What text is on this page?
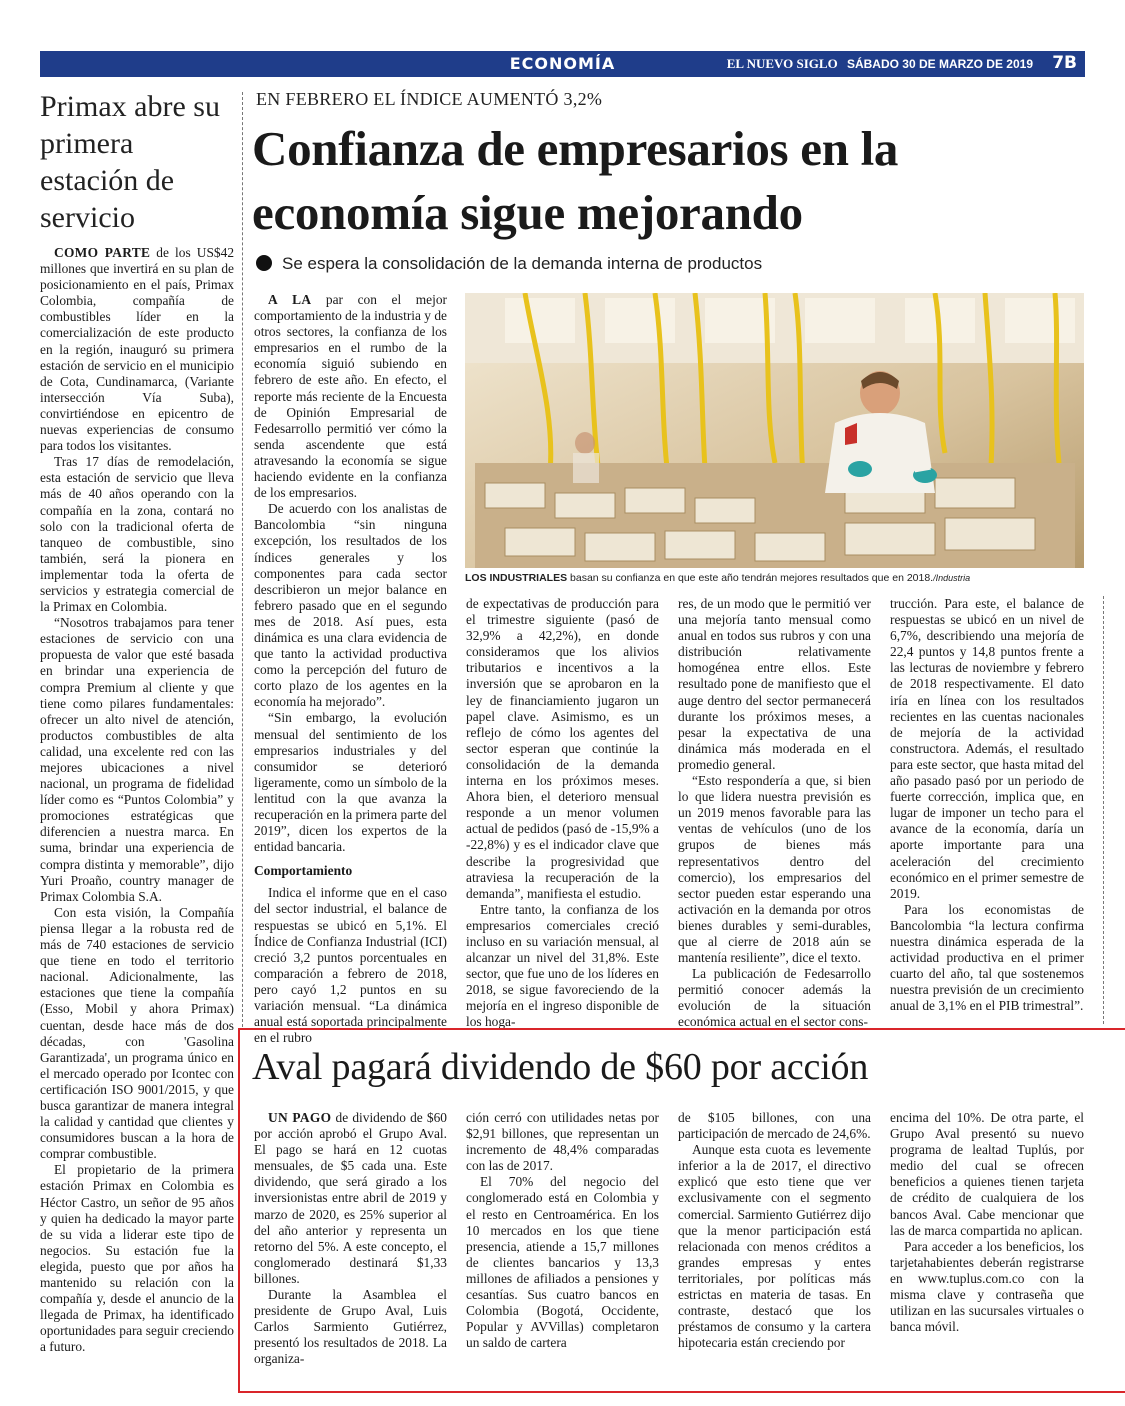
ECONOMÍA	EL NUEVO SIGLO SÁBADO 30 DE MARZO DE 2019 7B
Primax abre su primera estación de servicio

COMO PARTE de los US$42 millones que invertirá en su plan de posicionamiento en el país, Primax Colombia, compañía de combustibles líder en la comercialización de este producto en la región, inauguró su primera estación de servicio en el municipio de Cota, Cundinamarca, (Variante intersección Vía Suba), convirtiéndose en epicentro de nuevas experiencias de consumo para todos los visitantes.

Tras 17 días de remodelación, esta estación de servicio que lleva más de 40 años operando con la compañía en la zona, contará no solo con la tradicional oferta de tanqueo de combustible, sino también, será la pionera en implementar toda la oferta de servicios y estrategia comercial de la Primax en Colombia.

“Nosotros trabajamos para tener estaciones de servicio con una propuesta de valor que esté basada en brindar una experiencia de compra Premium al cliente y que tiene como pilares fundamentales: ofrecer un alto nivel de atención, productos combustibles de alta calidad, una excelente red con las mejores ubicaciones a nivel nacional, un programa de fidelidad líder como es “Puntos Colombia” y promociones estratégicas que diferencien a nuestra marca. En suma, brindar una experiencia de compra distinta y memorable”, dijo Yuri Proaño, country manager de Primax Colombia S.A.

Con esta visión, la Compañía piensa llegar a la robusta red de más de 740 estaciones de servicio que tiene en todo el territorio nacional. Adicionalmente, las estaciones que tiene la compañía (Esso, Mobil y ahora Primax) cuentan, desde hace más de dos décadas, con 'Gasolina Garantizada', un programa único en el mercado operado por Icontec con certificación ISO 9001/2015, y que busca garantizar de manera integral la calidad y cantidad que clientes y consumidores buscan a la hora de comprar combustible.

El propietario de la primera estación Primax en Colombia es Héctor Castro, un señor de 95 años y quien ha dedicado la mayor parte de su vida a liderar este tipo de negocios. Su estación fue la elegida, puesto que por años ha mantenido su relación con la compañía y, desde el anuncio de la llegada de Primax, ha identificado oportunidades para seguir creciendo a futuro.

EN FEBRERO EL ÍNDICE AUMENTÓ 3,2%
Confianza de empresarios en la economía sigue mejorando
Se espera la consolidación de la demanda interna de productos
LOS INDUSTRIALES basan su confianza en que este año tendrán mejores resultados que en 2018./Industria

A LA par con el mejor comportamiento de la industria y de otros sectores, la confianza de los empresarios en el rumbo de la economía siguió subiendo en febrero de este año. En efecto, el reporte más reciente de la Encuesta de Opinión Empresarial de Fedesarrollo permitió ver cómo la senda ascendente que está atravesando la economía se sigue haciendo evidente en la confianza de los empresarios.

De acuerdo con los analistas de Bancolombia “sin ninguna excepción, los resultados de los índices generales y los componentes para cada sector describieron un mejor balance en febrero pasado que en el segundo mes de 2018. Así pues, esta dinámica es una clara evidencia de que tanto la actividad productiva como la percepción del futuro de corto plazo de los agentes en la economía ha mejorado”.

“Sin embargo, la evolución mensual del sentimiento de los empresarios industriales y del consumidor se deterioró ligeramente, como un símbolo de la lentitud con la que avanza la recuperación en la primera parte del 2019”, dicen los expertos de la entidad bancaria.

Comportamiento

Indica el informe que en el caso del sector industrial, el balance de respuestas se ubicó en 5,1%. El Índice de Confianza Industrial (ICI) creció 3,2 puntos porcentuales en comparación a febrero de 2018, pero cayó 1,2 puntos en su variación mensual. “La dinámica anual está soportada principalmente en el rubro

de expectativas de producción para el trimestre siguiente (pasó de 32,9% a 42,2%), en donde consideramos que los alivios tributarios e incentivos a la inversión que se aprobaron en la ley de financiamiento jugaron un papel clave. Asimismo, es un reflejo de cómo los agentes del sector esperan que continúe la consolidación de la demanda interna en los próximos meses. Ahora bien, el deterioro mensual responde a un menor volumen actual de pedidos (pasó de -15,9% a -22,8%) y es el indicador clave que describe la progresividad que atraviesa la recuperación de la demanda”, manifiesta el estudio.

Entre tanto, la confianza de los empresarios comerciales creció incluso en su variación mensual, al alcanzar un nivel del 31,8%. Este sector, que fue uno de los líderes en 2018, se sigue favoreciendo de la mejoría en el ingreso disponible de los hoga-

res, de un modo que le permitió ver una mejoría tanto mensual como anual en todos sus rubros y con una distribución relativamente homogénea entre ellos. Este resultado pone de manifiesto que el auge dentro del sector permanecerá durante los próximos meses, a pesar la expectativa de una dinámica más moderada en el promedio general.

“Esto respondería a que, si bien lo que lidera nuestra previsión es un 2019 menos favorable para las ventas de vehículos (uno de los grupos de bienes más representativos dentro del comercio), los empresarios del sector pueden estar esperando una activación en la demanda por otros bienes durables y semi-durables, que al cierre de 2018 aún se mantenía resiliente”, dice el texto.

La publicación de Fedesarrollo permitió conocer además la evolución de la situación económica actual en el sector cons-

trucción. Para este, el balance de respuestas se ubicó en un nivel de 6,7%, describiendo una mejoría de 22,4 puntos y 14,8 puntos frente a las lecturas de noviembre y febrero de 2018 respectivamente. El dato iría en línea con los resultados recientes en las cuentas nacionales de mejoría de la actividad constructora. Además, el resultado para este sector, que hasta mitad del año pasado pasó por un periodo de fuerte corrección, implica que, en lugar de imponer un techo para el avance de la economía, daría un aporte importante para una aceleración del crecimiento económico en el primer semestre de 2019.

Para los economistas de Bancolombia “la lectura confirma nuestra dinámica esperada de la actividad productiva en el primer cuarto del año, tal que sostenemos nuestra previsión de un crecimiento anual de 3,1% en el PIB trimestral”.

Aval pagará dividendo de $60 por acción

UN PAGO de dividendo de $60 por acción aprobó el Grupo Aval. El pago se hará en 12 cuotas mensuales, de $5 cada una. Este dividendo, que será girado a los inversionistas entre abril de 2019 y marzo de 2020, es 25% superior al del año anterior y representa un retorno del 5%. A este concepto, el conglomerado destinará $1,33 billones.

Durante la Asamblea el presidente de Grupo Aval, Luis Carlos Sarmiento Gutiérrez, presentó los resultados de 2018. La organiza-

ción cerró con utilidades netas por $2,91 billones, que representan un incremento de 48,4% comparadas con las de 2017.

El 70% del negocio del conglomerado está en Colombia y el resto en Centroamérica. En los 10 mercados en los que tiene presencia, atiende a 15,7 millones de clientes bancarios y 13,3 millones de afiliados a pensiones y cesantías. Sus cuatro bancos en Colombia (Bogotá, Occidente, Popular y AVVillas) completaron un saldo de cartera

de $105 billones, con una participación de mercado de 24,6%.

Aunque esta cuota es levemente inferior a la de 2017, el directivo explicó que esto tiene que ver exclusivamente con el segmento comercial. Sarmiento Gutiérrez dijo que la menor participación está relacionada con menos créditos a grandes empresas y entes territoriales, por políticas más estrictas en materia de tasas. En contraste, destacó que los préstamos de consumo y la cartera hipotecaria están creciendo por

encima del 10%. De otra parte, el Grupo Aval presentó su nuevo programa de lealtad Tuplús, por medio del cual se ofrecen beneficios a quienes tienen tarjeta de crédito de cualquiera de los bancos Aval. Cabe mencionar que las de marca compartida no aplican.

Para acceder a los beneficios, los tarjetahabientes deberán registrarse en www.tuplus.com.co con la misma clave y contraseña que utilizan en las sucursales virtuales o banca móvil.
